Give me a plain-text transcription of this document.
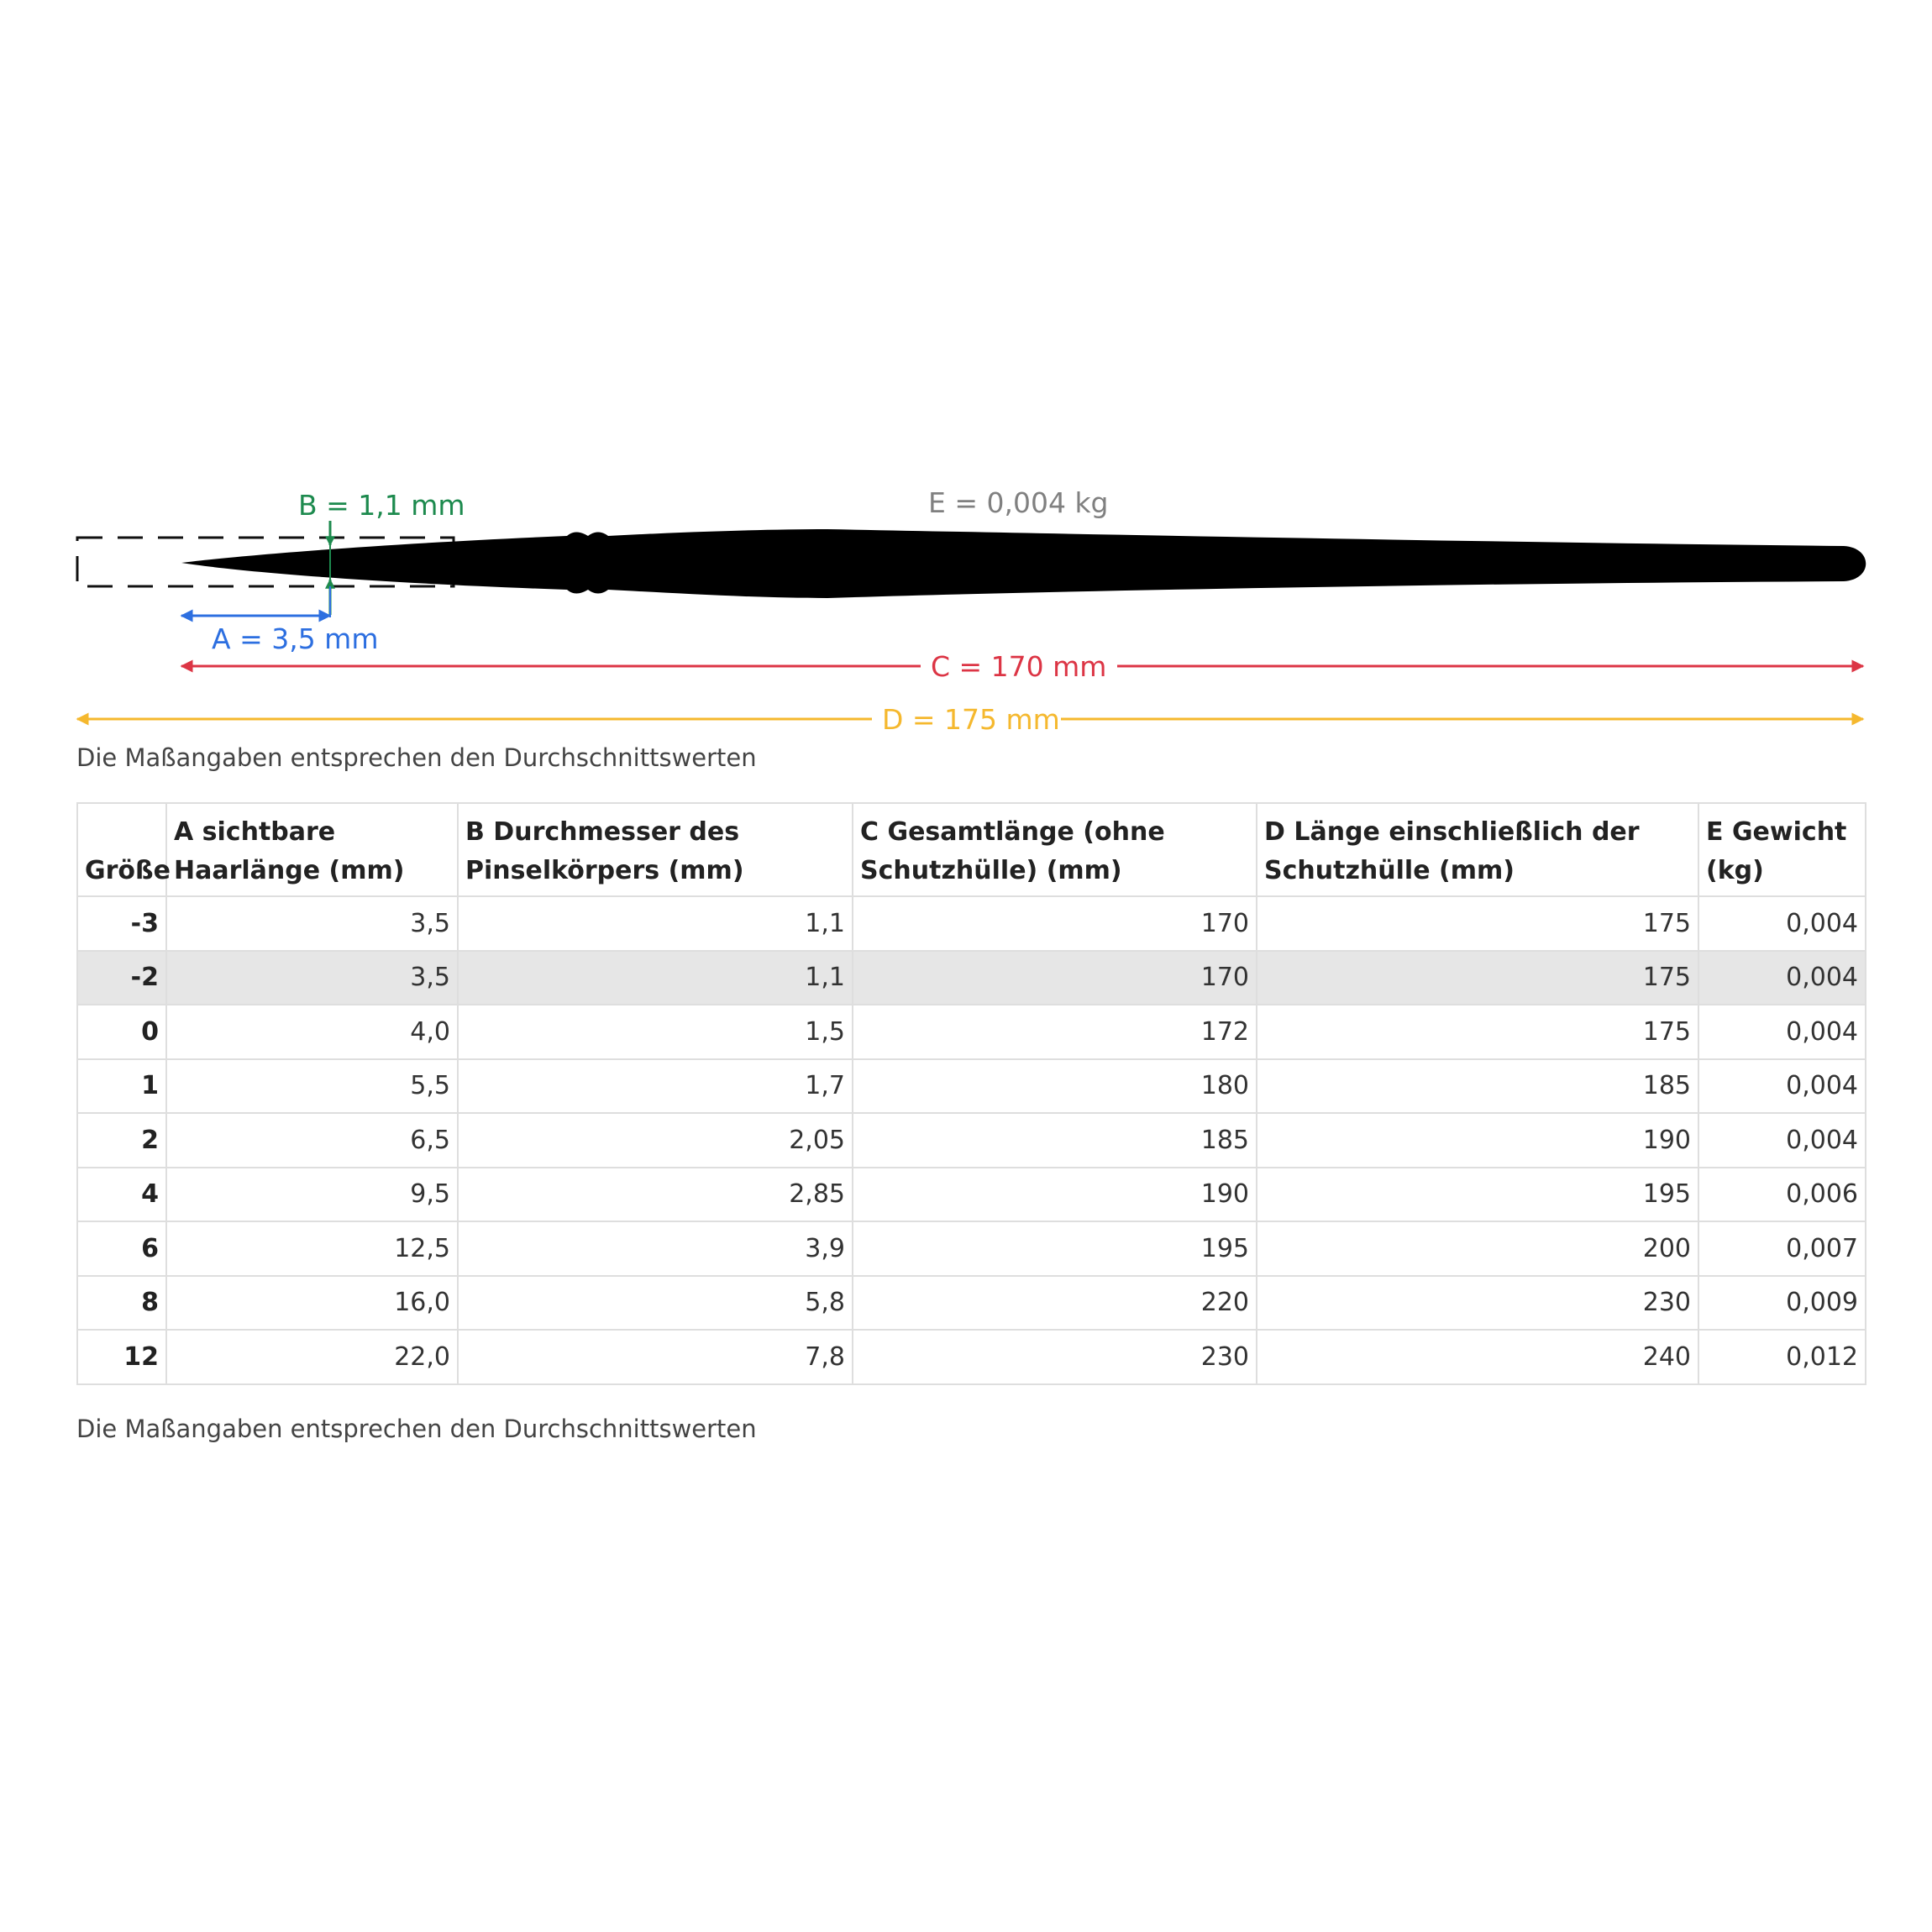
B = 1,1 mm	E = 0,004 kg
A = 3,5 mm
C = 170 mm
D = 175 mm
Die Maßangaben entsprechen den Durchschnittswerten
Größe	A sichtbare Haarlänge (mm)	B Durchmesser des Pinselkörpers (mm)	C Gesamtlänge (ohne Schutzhülle) (mm)	D Länge einschließlich der Schutzhülle (mm)	E Gewicht (kg)
-3	3,5	1,1	170	175	0,004
-2	3,5	1,1	170	175	0,004
0	4,0	1,5	172	175	0,004
1	5,5	1,7	180	185	0,004
2	6,5	2,05	185	190	0,004
4	9,5	2,85	190	195	0,006
6	12,5	3,9	195	200	0,007
8	16,0	5,8	220	230	0,009
12	22,0	7,8	230	240	0,012
Die Maßangaben entsprechen den Durchschnittswerten
